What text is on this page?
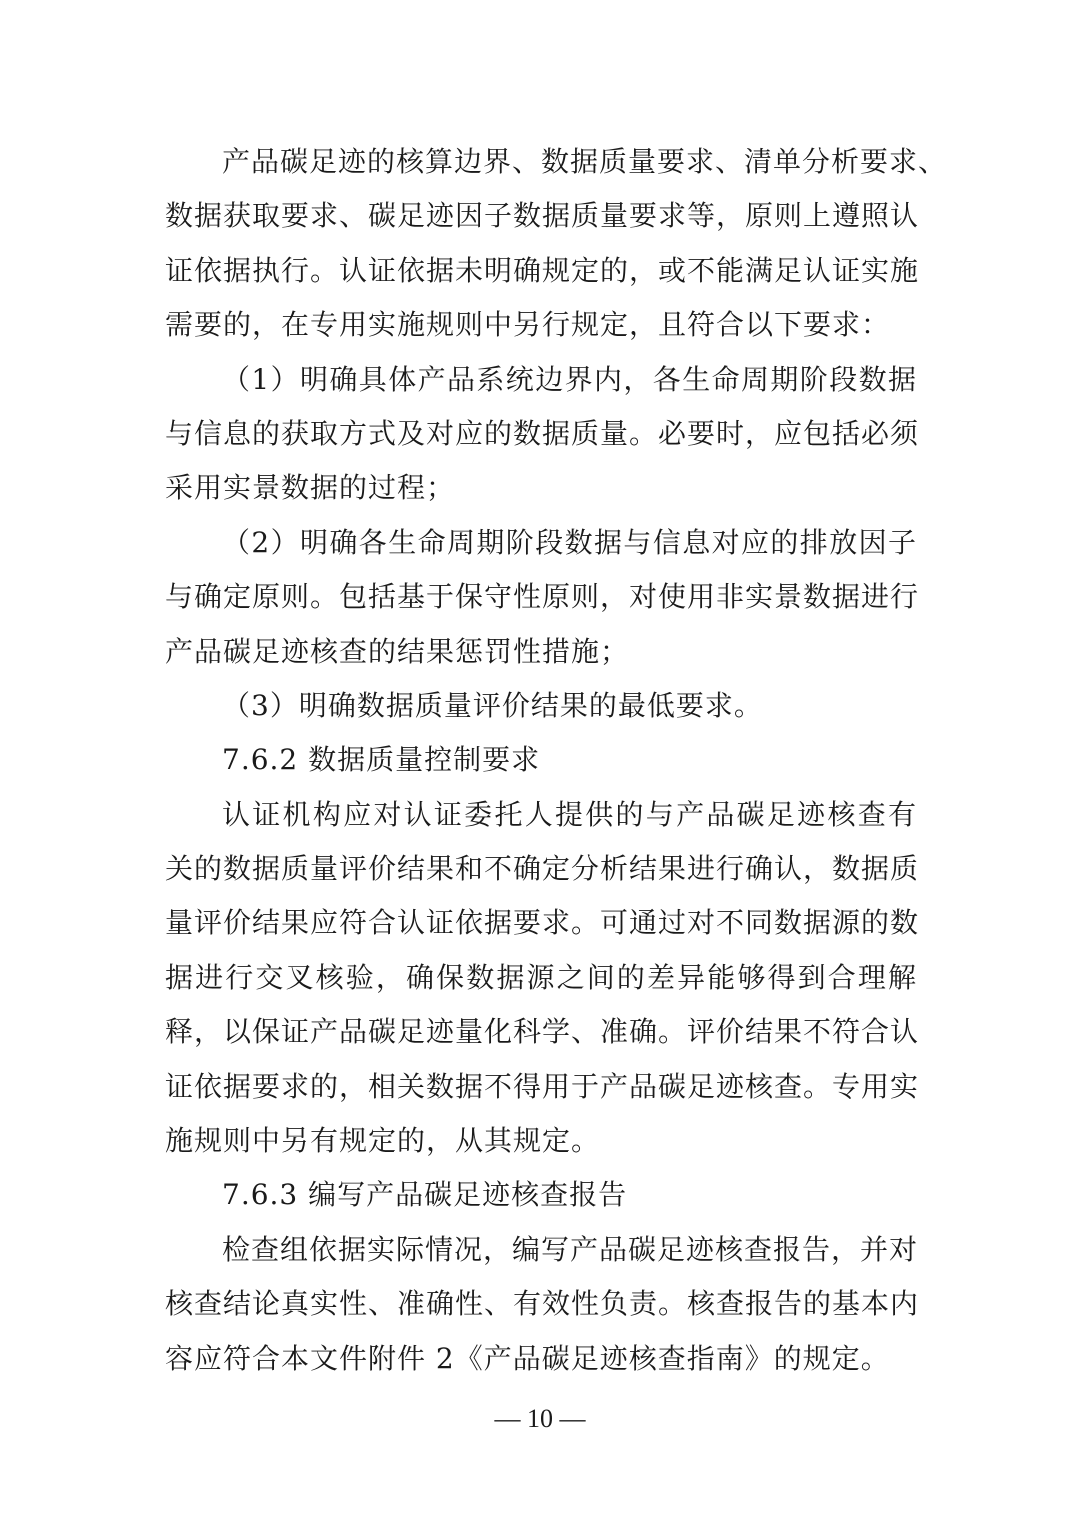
产品碳足迹的核算边界、数据质量要求、清单分析要求、
数据获取要求、碳足迹因子数据质量要求等，原则上遵照认
证依据执行。认证依据未明确规定的，或不能满足认证实施
需要的，在专用实施规则中另行规定，且符合以下要求：
（1）明确具体产品系统边界内，各生命周期阶段数据
与信息的获取方式及对应的数据质量。必要时，应包括必须
采用实景数据的过程；
（2）明确各生命周期阶段数据与信息对应的排放因子
与确定原则。包括基于保守性原则，对使用非实景数据进行
产品碳足迹核查的结果惩罚性措施；
（3）明确数据质量评价结果的最低要求。
7.6.2 数据质量控制要求
认证机构应对认证委托人提供的与产品碳足迹核查有
关的数据质量评价结果和不确定分析结果进行确认，数据质
量评价结果应符合认证依据要求。可通过对不同数据源的数
据进行交叉核验，确保数据源之间的差异能够得到合理解
释，以保证产品碳足迹量化科学、准确。评价结果不符合认
证依据要求的，相关数据不得用于产品碳足迹核查。专用实
施规则中另有规定的，从其规定。
7.6.3 编写产品碳足迹核查报告
检查组依据实际情况，编写产品碳足迹核查报告，并对
核查结论真实性、准确性、有效性负责。核查报告的基本内
容应符合本文件附件 2《产品碳足迹核查指南》的规定。
— 10 —
